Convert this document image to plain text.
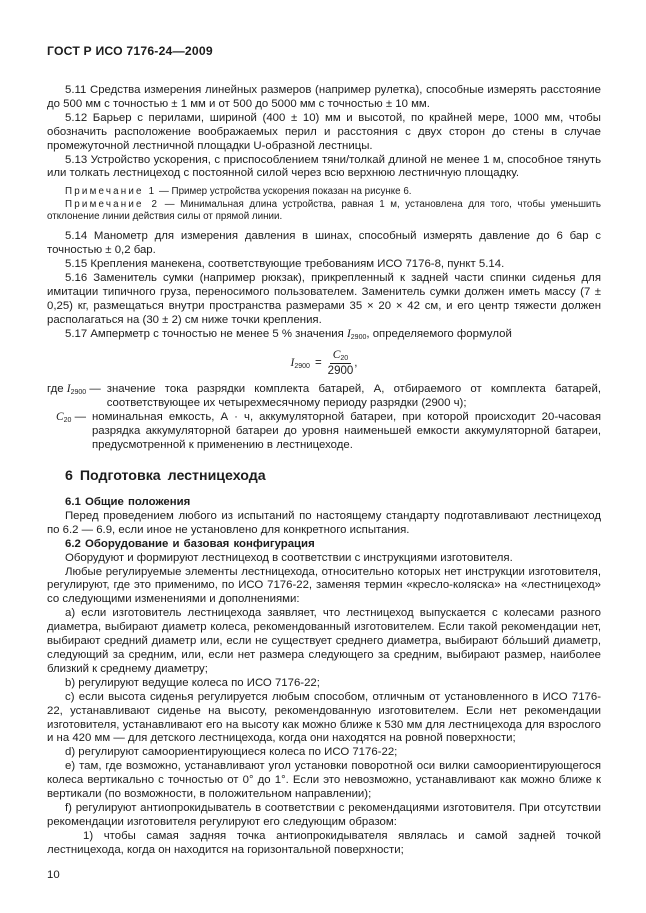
ГОСТ Р ИСО 7176-24—2009

5.11 Средства измерения линейных размеров (например рулетка), способные измерять расстояние до 500 мм с точностью ± 1 мм и от 500 до 5000 мм с точностью ± 10 мм.

5.12 Барьер с перилами, шириной (400 ± 10) мм и высотой, по крайней мере, 1000 мм, чтобы обозначить расположение воображаемых перил и расстояния с двух сторон до стены в случае промежуточной лестничной площадки U-образной лестницы.

5.13 Устройство ускорения, с приспособлением тяни/толкай длиной не менее 1 м, способное тянуть или толкать лестницеход с постоянной силой через всю верхнюю лестничную площадку.

Примечание 1 — Пример устройства ускорения показан на рисунке 6.

Примечание 2 — Минимальная длина устройства, равная 1 м, установлена для того, чтобы уменьшить отклонение линии действия силы от прямой линии.

5.14 Манометр для измерения давления в шинах, способный измерять давление до 6 бар с точностью ± 0,2 бар.

5.15 Крепления манекена, соответствующие требованиям ИСО 7176-8, пункт 5.14.

5.16 Заменитель сумки (например рюкзак), прикрепленный к задней части спинки сиденья для имитации типичного груза, переносимого пользователем. Заменитель сумки должен иметь массу (7 ± 0,25) кг, размещаться внутри пространства размерами 35 × 20 × 42 см, и его центр тяжести должен располагаться на (30 ± 2) см ниже точки крепления.

5.17 Амперметр с точностью не менее 5 % значения $I_{2900}$, определяемого формулой

$I_{2900} = \frac{C_{20}}{2900}$ ,
где $I_{2900}$ — значение тока разрядки комплекта батарей, А, отбираемого от комплекта батарей, соответствующее их четырехмесячному периоду разрядки (2900 ч);
$С_{20}$ — номинальная емкость, А · ч, аккумуляторной батареи, при которой происходит 20-часовая разрядка аккумуляторной батареи до уровня наименьшей емкости аккумуляторной батареи, предусмотренной к применению в лестницеходе.
6 Подготовка лестницехода

6.1 Общие положения

Перед проведением любого из испытаний по настоящему стандарту подготавливают лестницеход по 6.2 — 6.9, если иное не установлено для конкретного испытания.

6.2 Оборудование и базовая конфигурация

Оборудуют и формируют лестницеход в соответствии с инструкциями изготовителя.

Любые регулируемые элементы лестницехода, относительно которых нет инструкции изготовителя, регулируют, где это применимо, по ИСО 7176-22, заменяя термин «кресло-коляска» на «лестницеход» со следующими изменениями и дополнениями:

a) если изготовитель лестницехода заявляет, что лестницеход выпускается с колесами разного диаметра, выбирают диаметр колеса, рекомендованный изготовителем. Если такой рекомендации нет, выбирают средний диаметр или, если не существует среднего диаметра, выбирают бо́льший диаметр, следующий за средним, или, если нет размера следующего за средним, выбирают размер, наиболее близкий к среднему диаметру;

b) регулируют ведущие колеса по ИСО 7176-22;

c) если высота сиденья регулируется любым способом, отличным от установленного в ИСО 7176-22, устанавливают сиденье на высоту, рекомендованную изготовителем. Если нет рекомендации изготовителя, устанавливают его на высоту как можно ближе к 530 мм для лестницехода для взрослого и на 420 мм — для детского лестницехода, когда они находятся на ровной поверхности;

d) регулируют самоориентирующиеся колеса по ИСО 7176-22;

e) там, где возможно, устанавливают угол установки поворотной оси вилки самоориентирующегося колеса вертикально с точностью от 0° до 1°. Если это невозможно, устанавливают как можно ближе к вертикали (по возможности, в положительном направлении);

f) регулируют антиопрокидыватель в соответствии с рекомендациями изготовителя. При отсутствии рекомендации изготовителя регулируют его следующим образом:

1) чтобы самая задняя точка антиопрокидывателя являлась и самой задней точкой лестницехода, когда он находится на горизонтальной поверхности;

10
